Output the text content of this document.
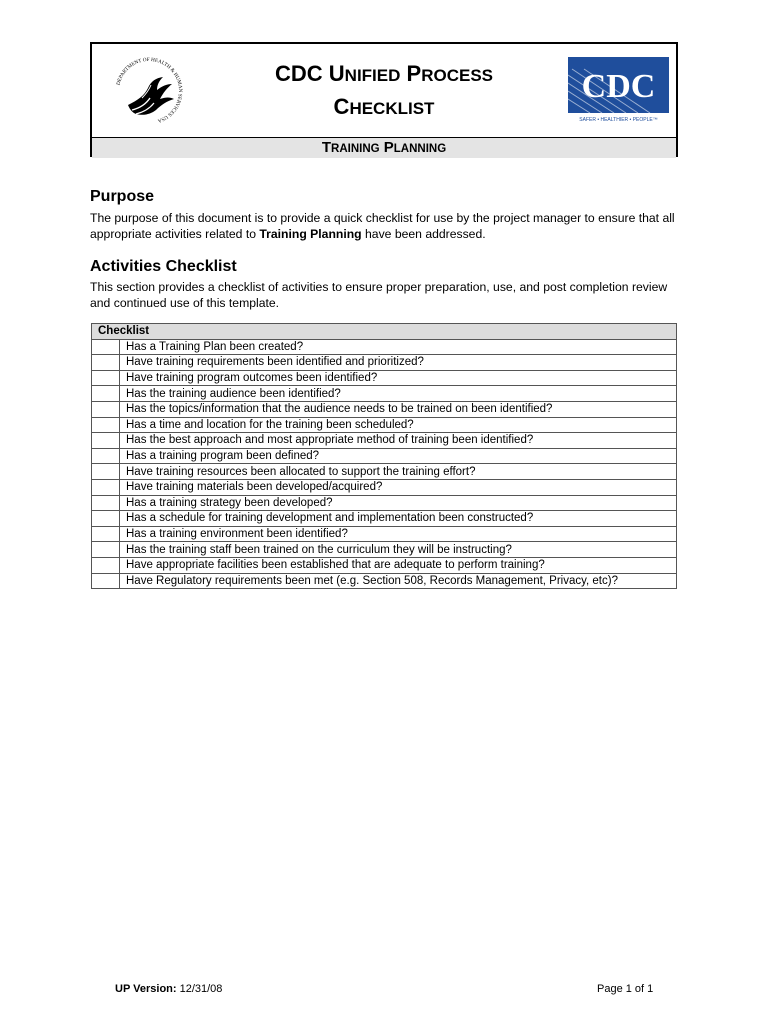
DEPARTMENT OF HEALTH & HUMAN SERVICES USA
CDC UNIFIED PROCESS
CHECKLIST
CDC
SAFER • HEALTHIER • PEOPLE™
TRAINING PLANNING
Purpose

The purpose of this document is to provide a quick checklist for use by the project manager to ensure that all appropriate activities related to Training Planning have been addressed.

Activities Checklist

This section provides a checklist of activities to ensure proper preparation, use, and post completion review and continued use of this template.

Checklist	
	Has a Training Plan been created?
	Have training requirements been identified and prioritized?
	Have training program outcomes been identified?
	Has the training audience been identified?
	Has the topics/information that the audience needs to be trained on been identified?
	Has a time and location for the training been scheduled?
	Has the best approach and most appropriate method of training been identified?
	Has a training program been defined?
	Have training resources been allocated to support the training effort?
	Have training materials been developed/acquired?
	Has a training strategy been developed?
	Has a schedule for training development and implementation been constructed?
	Has a training environment been identified?
	Has the training staff been trained on the curriculum they will be instructing?
	Have appropriate facilities been established that are adequate to perform training?
	Have Regulatory requirements been met (e.g. Section 508, Records Management, Privacy, etc)?
UP Version: 12/31/08	Page 1 of 1
